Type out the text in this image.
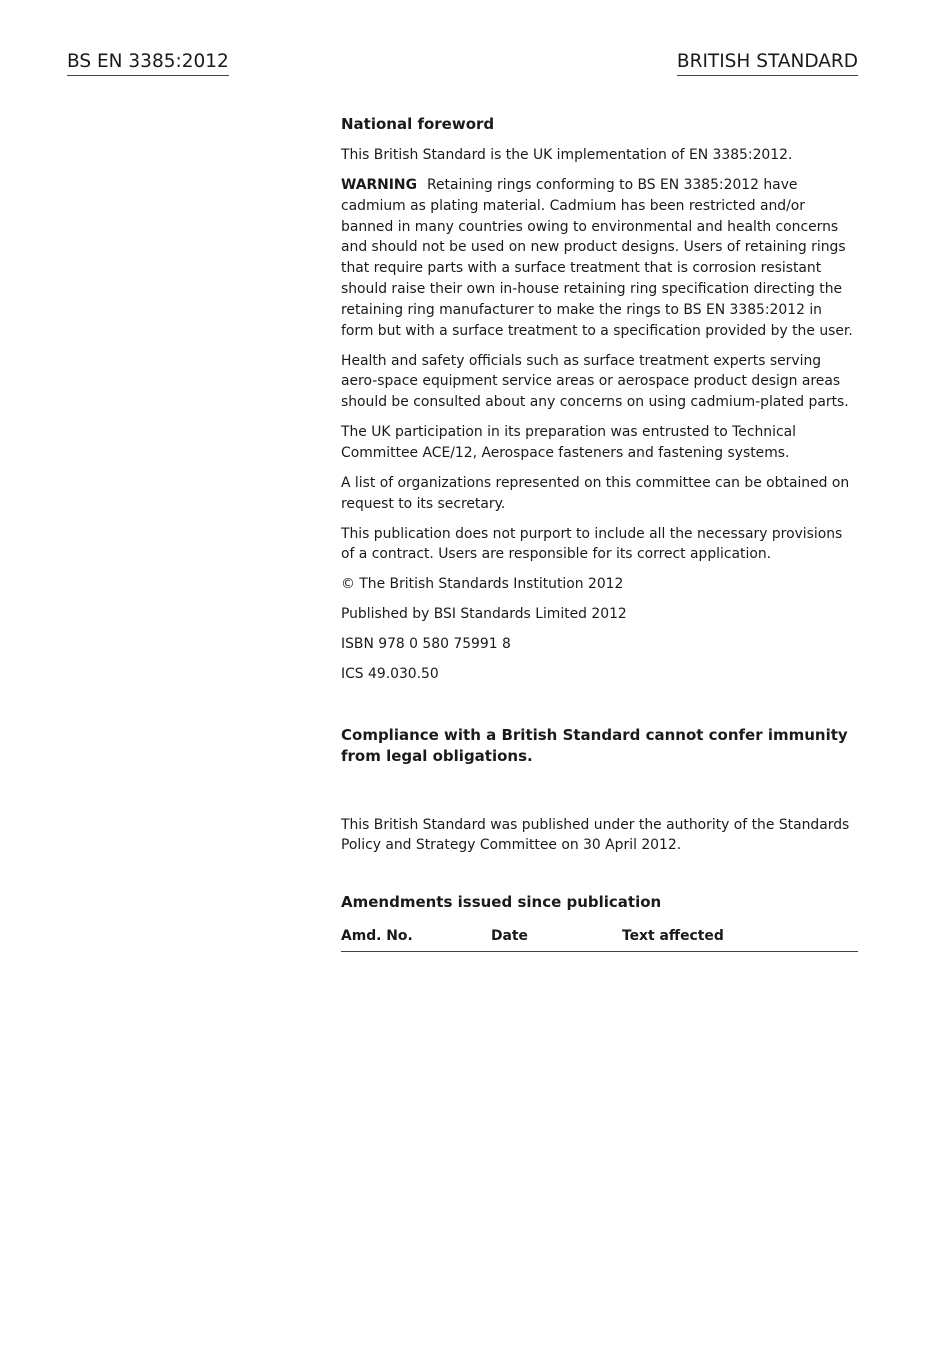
BS EN 3385:2012	BRITISH STANDARD
National foreword

This British Standard is the UK implementation of EN 3385:2012.

WARNING Retaining rings conforming to BS EN 3385:2012 have cadmium as plating material. Cadmium has been restricted and/or banned in many countries owing to environmental and health concerns and should not be used on new product designs. Users of retaining rings that require parts with a surface treatment that is corrosion resistant should raise their own in-house retaining ring specification directing the retaining ring manufacturer to make the rings to BS EN 3385:2012 in form but with a surface treatment to a specification provided by the user.

Health and safety officials such as surface treatment experts serving aero-space equipment service areas or aerospace product design areas should be consulted about any concerns on using cadmium-plated parts.

The UK participation in its preparation was entrusted to Technical Committee ACE/12, Aerospace fasteners and fastening systems.

A list of organizations represented on this committee can be obtained on request to its secretary.

This publication does not purport to include all the necessary provisions of a contract. Users are responsible for its correct application.

© The British Standards Institution 2012

Published by BSI Standards Limited 2012

ISBN 978 0 580 75991 8

ICS 49.030.50

Compliance with a British Standard cannot confer immunity from legal obligations.

This British Standard was published under the authority of the Standards Policy and Strategy Committee on 30 April 2012.

Amendments issued since publication
Amd. No.	Date	Text affected
